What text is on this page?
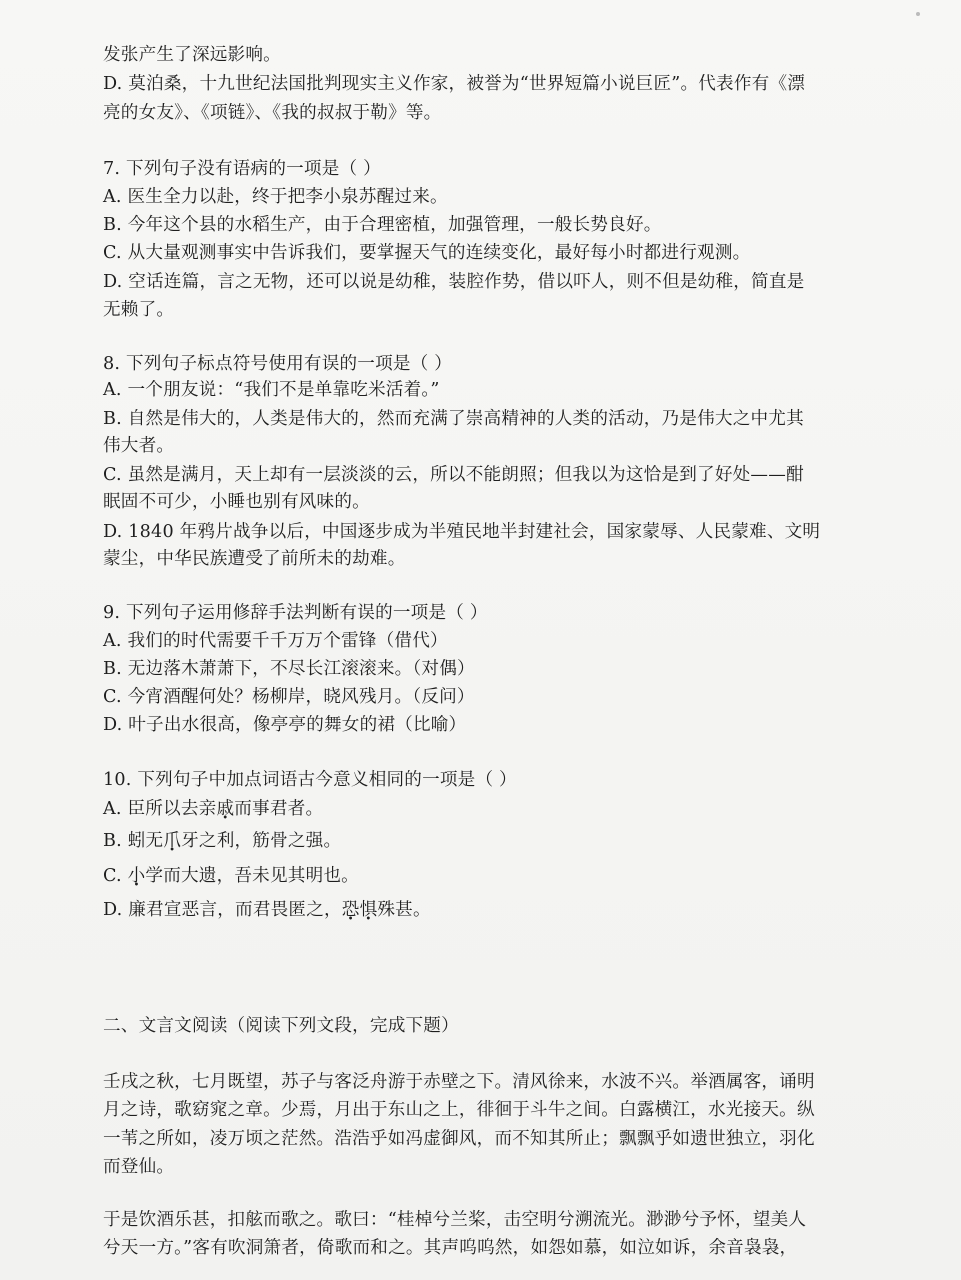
发张产生了深远影响。
D. 莫泊桑，十九世纪法国批判现实主义作家，被誉为“世界短篇小说巨匠”。代表作有《漂
亮的女友》、《项链》、《我的叔叔于勒》等。
7. 下列句子没有语病的一项是（ ）
A. 医生全力以赴，终于把李小泉苏醒过来。
B. 今年这个县的水稻生产，由于合理密植，加强管理，一般长势良好。
C. 从大量观测事实中告诉我们，要掌握天气的连续变化，最好每小时都进行观测。
D. 空话连篇，言之无物，还可以说是幼稚，装腔作势，借以吓人，则不但是幼稚，简直是
无赖了。
8. 下列句子标点符号使用有误的一项是（ ）
A. 一个朋友说：“我们不是单靠吃米活着。”
B. 自然是伟大的，人类是伟大的，然而充满了崇高精神的人类的活动，乃是伟大之中尤其
伟大者。
C. 虽然是满月，天上却有一层淡淡的云，所以不能朗照；但我以为这恰是到了好处——酣
眠固不可少，小睡也别有风味的。
D. 1840 年鸦片战争以后，中国逐步成为半殖民地半封建社会，国家蒙辱、人民蒙难、文明
蒙尘，中华民族遭受了前所未的劫难。
9. 下列句子运用修辞手法判断有误的一项是（ ）
A. 我们的时代需要千千万万个雷锋（借代）
B. 无边落木萧萧下，不尽长江滚滚来。（对偶）
C. 今宵酒醒何处？杨柳岸，晓风残月。（反问）
D. 叶子出水很高，像亭亭的舞女的裙（比喻）
10. 下列句子中加点词语古今意义相同的一项是（ ）
A. 臣所以去亲戚而事君者。
B. 蚓无爪牙之利，筋骨之强。
C. 小学而大遗，吾未见其明也。
D. 廉君宣恶言，而君畏匿之，恐惧殊甚。
二、文言文阅读（阅读下列文段，完成下题）
壬戌之秋，七月既望，苏子与客泛舟游于赤壁之下。清风徐来，水波不兴。举酒属客，诵明
月之诗，歌窈窕之章。少焉，月出于东山之上，徘徊于斗牛之间。白露横江，水光接天。纵
一苇之所如，凌万顷之茫然。浩浩乎如冯虚御风，而不知其所止；飘飘乎如遗世独立，羽化
而登仙。
于是饮酒乐甚，扣舷而歌之。歌曰：“桂棹兮兰桨，击空明兮溯流光。渺渺兮予怀，望美人
兮天一方。”客有吹洞箫者，倚歌而和之。其声呜呜然，如怨如慕，如泣如诉，余音袅袅，
